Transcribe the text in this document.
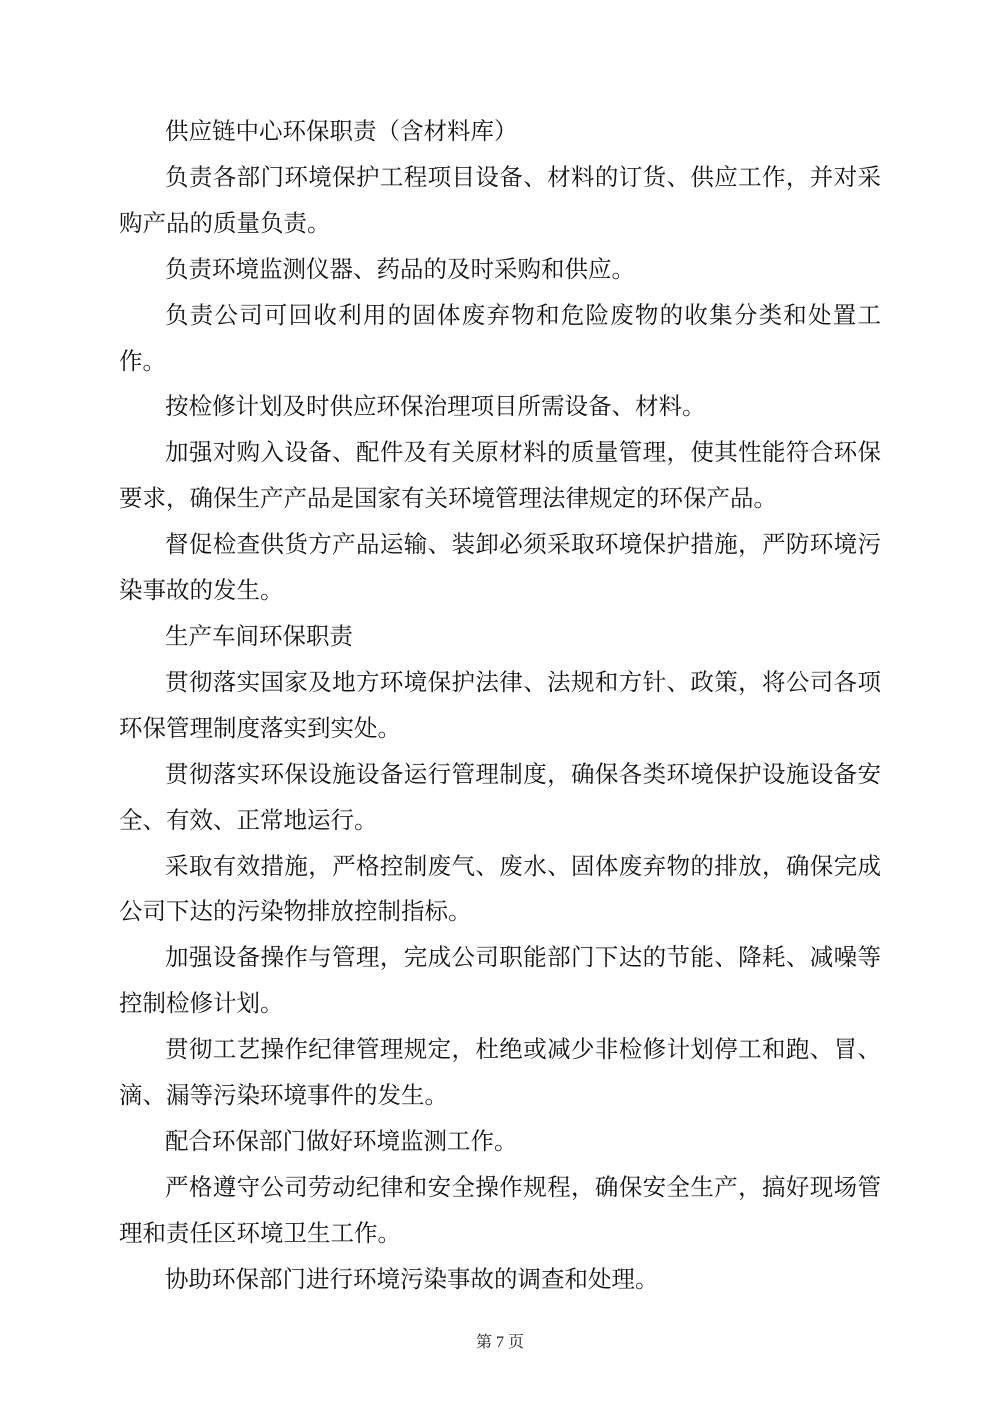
供应链中心环保职责（含材料库）

负责各部门环境保护工程项目设备、材料的订货、供应工作，并对采
购产品的质量负责。

负责环境监测仪器、药品的及时采购和供应。

负责公司可回收利用的固体废弃物和危险废物的收集分类和处置工
作。

按检修计划及时供应环保治理项目所需设备、材料。

加强对购入设备、配件及有关原材料的质量管理，使其性能符合环保
要求，确保生产产品是国家有关环境管理法律规定的环保产品。

督促检查供货方产品运输、装卸必须采取环境保护措施，严防环境污
染事故的发生。

生产车间环保职责

贯彻落实国家及地方环境保护法律、法规和方针、政策，将公司各项
环保管理制度落实到实处。

贯彻落实环保设施设备运行管理制度，确保各类环境保护设施设备安
全、有效、正常地运行。

采取有效措施，严格控制废气、废水、固体废弃物的排放，确保完成
公司下达的污染物排放控制指标。

加强设备操作与管理，完成公司职能部门下达的节能、降耗、减噪等
控制检修计划。

贯彻工艺操作纪律管理规定，杜绝或减少非检修计划停工和跑、冒、
滴、漏等污染环境事件的发生。

配合环保部门做好环境监测工作。

严格遵守公司劳动纪律和安全操作规程，确保安全生产，搞好现场管
理和责任区环境卫生工作。

协助环保部门进行环境污染事故的调查和处理。

第 7 页
